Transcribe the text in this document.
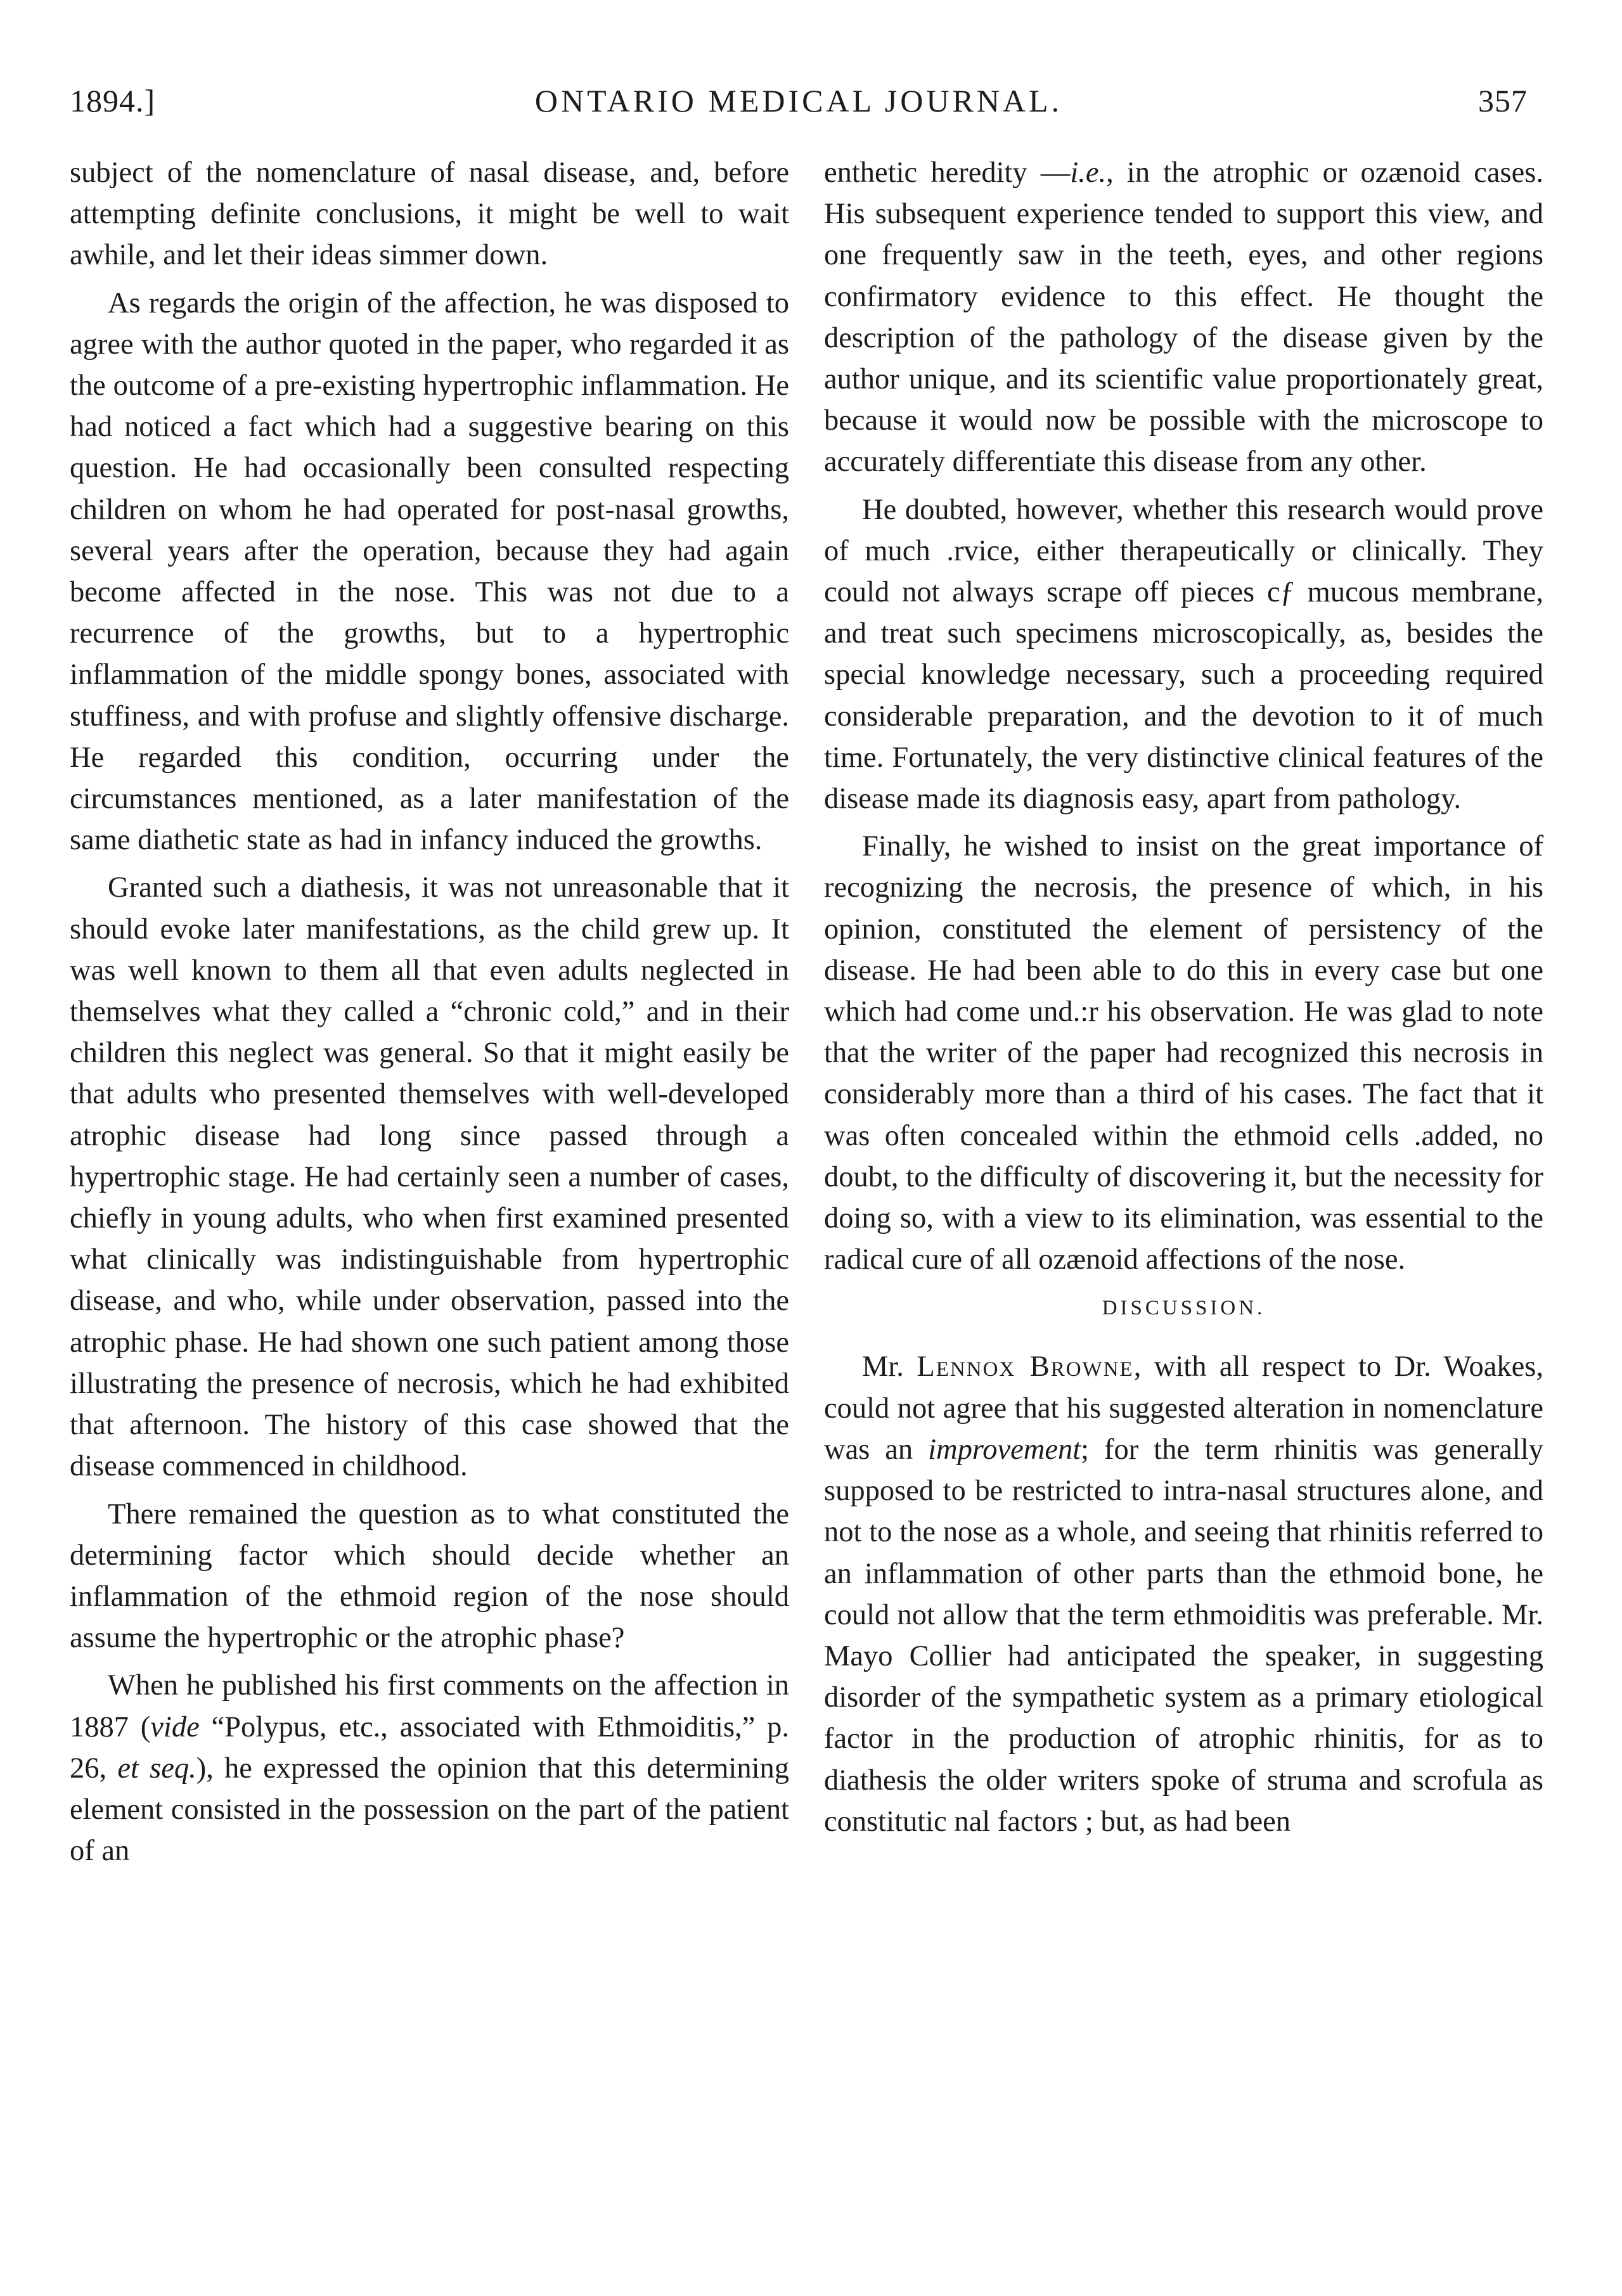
1894.]	ONTARIO MEDICAL JOURNAL.	357

subject of the nomenclature of nasal disease, and, before attempting definite conclusions, it might be well to wait awhile, and let their ideas simmer down.

As regards the origin of the affection, he was disposed to agree with the author quoted in the paper, who regarded it as the outcome of a pre-existing hypertrophic inflammation. He had noticed a fact which had a suggestive bearing on this question. He had occasionally been consulted respecting children on whom he had operated for post-nasal growths, several years after the operation, because they had again become affected in the nose. This was not due to a recurrence of the growths, but to a hypertrophic inflammation of the middle spongy bones, associated with stuffiness, and with profuse and slightly offensive discharge. He regarded this condition, occurring under the circumstances mentioned, as a later manifestation of the same diathetic state as had in infancy induced the growths.

Granted such a diathesis, it was not unreasonable that it should evoke later manifestations, as the child grew up. It was well known to them all that even adults neglected in themselves what they called a “chronic cold,” and in their children this neglect was general. So that it might easily be that adults who presented themselves with well-developed atrophic disease had long since passed through a hypertrophic stage. He had certainly seen a number of cases, chiefly in young adults, who when first examined presented what clinically was indistinguishable from hypertrophic disease, and who, while under observation, passed into the atrophic phase. He had shown one such patient among those illustrating the presence of necrosis, which he had exhibited that afternoon. The history of this case showed that the disease commenced in childhood.

There remained the question as to what constituted the determining factor which should decide whether an inflammation of the ethmoid region of the nose should assume the hypertrophic or the atrophic phase?

When he published his first comments on the affection in 1887 (vide “Polypus, etc., associated with Ethmoiditis,” p. 26, et seq.), he expressed the opinion that this determining element consisted in the possession on the part of the patient of an

enthetic heredity —i.e., in the atrophic or ozænoid cases. His subsequent experience tended to support this view, and one frequently saw in the teeth, eyes, and other regions confirmatory evidence to this effect. He thought the description of the pathology of the disease given by the author unique, and its scientific value proportionately great, because it would now be possible with the microscope to accurately differentiate this disease from any other.

He doubted, however, whether this research would prove of much .rvice, either therapeutically or clinically. They could not always scrape off pieces cƒ mucous membrane, and treat such specimens microscopically, as, besides the special knowledge necessary, such a proceeding required considerable preparation, and the devotion to it of much time. Fortunately, the very distinctive clinical features of the disease made its diagnosis easy, apart from pathology.

Finally, he wished to insist on the great importance of recognizing the necrosis, the presence of which, in his opinion, constituted the element of persistency of the disease. He had been able to do this in every case but one which had come und.:r his observation. He was glad to note that the writer of the paper had recognized this necrosis in considerably more than a third of his cases. The fact that it was often concealed within the ethmoid cells .added, no doubt, to the difficulty of discovering it, but the necessity for doing so, with a view to its elimination, was essential to the radical cure of all ozænoid affections of the nose.

DISCUSSION.

Mr. Lennox Browne, with all respect to Dr. Woakes, could not agree that his suggested alteration in nomenclature was an improvement; for the term rhinitis was generally supposed to be restricted to intra-nasal structures alone, and not to the nose as a whole, and seeing that rhinitis referred to an inflammation of other parts than the ethmoid bone, he could not allow that the term ethmoiditis was preferable. Mr. Mayo Collier had anticipated the speaker, in suggesting disorder of the sympathetic system as a primary etiological factor in the production of atrophic rhinitis, for as to diathesis the older writers spoke of struma and scrofula as constitutic nal factors ; but, as had been
